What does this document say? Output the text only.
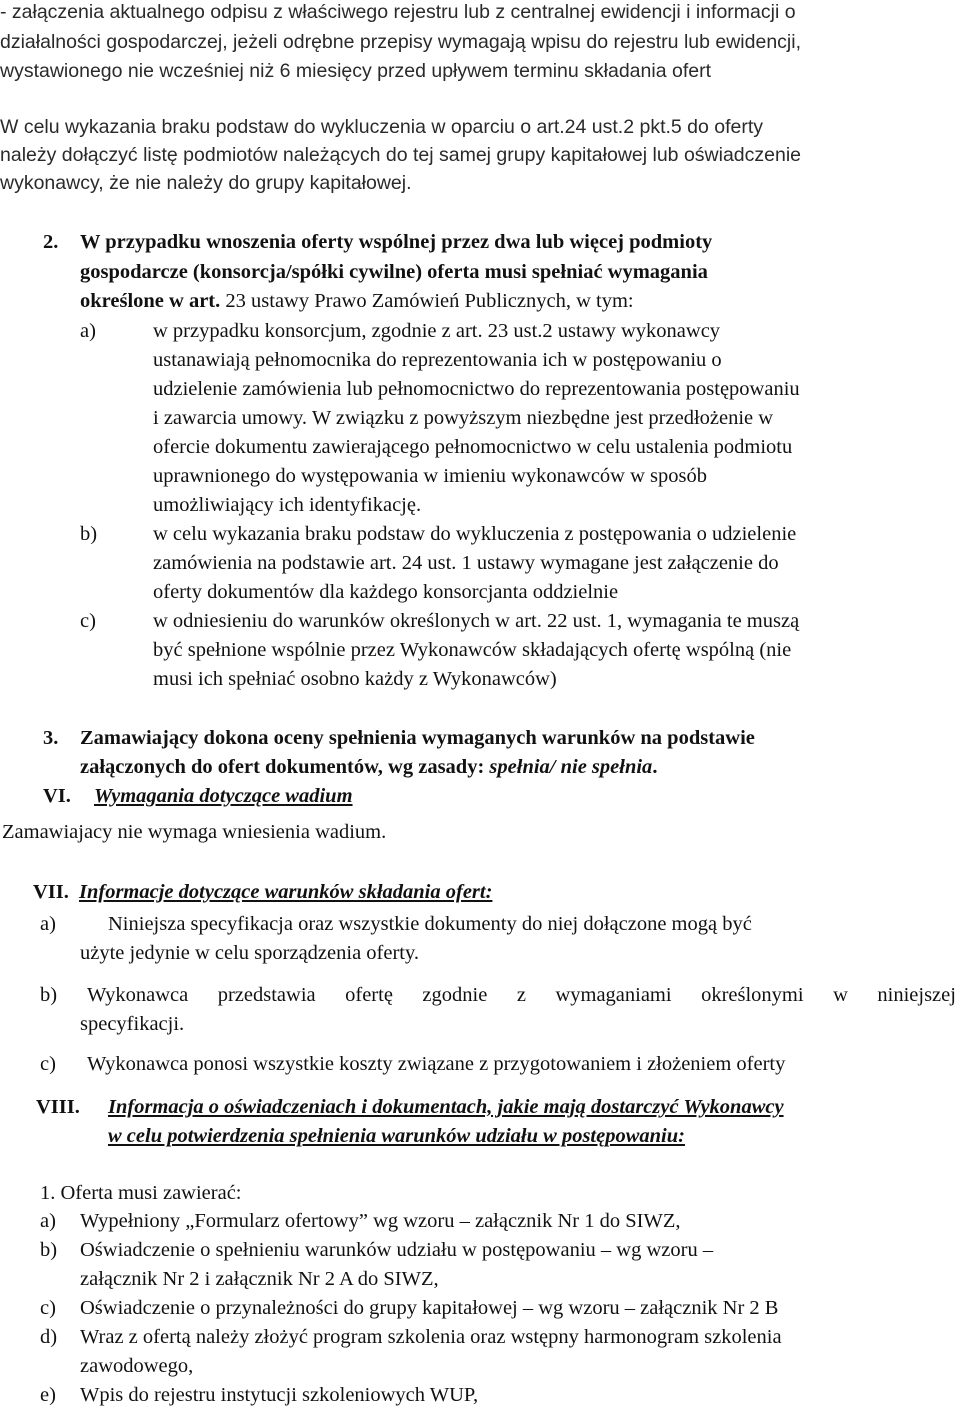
- załączenia aktualnego odpisu z właściwego rejestru lub z centralnej ewidencji i informacji o
działalności gospodarczej, jeżeli odrębne przepisy wymagają wpisu do rejestru lub ewidencji,
wystawionego nie wcześniej niż 6 miesięcy przed upływem terminu składania ofert
W celu wykazania braku podstaw do wykluczenia w oparciu o art.24 ust.2 pkt.5 do oferty
należy dołączyć listę podmiotów należących do tej samej grupy kapitałowej lub oświadczenie
wykonawcy, że nie należy do grupy kapitałowej.
2. W przypadku wnoszenia oferty wspólnej przez dwa lub więcej podmioty
gospodarcze (konsorcja/spółki cywilne) oferta musi spełniać wymagania
określone w art. 23 ustawy Prawo Zamówień Publicznych, w tym:
a)	w przypadku konsorcjum, zgodnie z art. 23 ust.2 ustawy wykonawcy
ustanawiają pełnomocnika do reprezentowania ich w postępowaniu o
udzielenie zamówienia lub pełnomocnictwo do reprezentowania postępowaniu
i zawarcia umowy. W związku z powyższym niezbędne jest przedłożenie w
ofercie dokumentu zawierającego pełnomocnictwo w celu ustalenia podmiotu
uprawnionego do występowania w imieniu wykonawców w sposób
umożliwiający ich identyfikację.
b)	w celu wykazania braku podstaw do wykluczenia z postępowania o udzielenie
zamówienia na podstawie art. 24 ust. 1 ustawy wymagane jest załączenie do
oferty dokumentów dla każdego konsorcjanta oddzielnie
c)	w odniesieniu do warunków określonych w art. 22 ust. 1, wymagania te muszą
być spełnione wspólnie przez Wykonawców składających ofertę wspólną (nie
musi ich spełniać osobno każdy z Wykonawców)
3. Zamawiający dokona oceny spełnienia wymaganych warunków na podstawie
załączonych do ofert dokumentów, wg zasady: spełnia/ nie spełnia.
VI. Wymagania dotyczące wadium
Zamawiajacy nie wymaga wniesienia wadium.
VII. Informacje dotyczące warunków składania ofert:
a)	Niniejsza specyfikacja oraz wszystkie dokumenty do niej dołączone mogą być
użyte jedynie w celu sporządzenia oferty.
b) Wykonawca przedstawia ofertę zgodnie z wymaganiami określonymi w niniejszej
specyfikacji.
c) Wykonawca ponosi wszystkie koszty związane z przygotowaniem i złożeniem oferty
VIII. Informacja o oświadczeniach i dokumentach, jakie mają dostarczyć Wykonawcy
w celu potwierdzenia spełnienia warunków udziału w postępowaniu:
1. Oferta musi zawierać:
a) Wypełniony „Formularz ofertowy” wg wzoru – załącznik Nr 1 do SIWZ,
b) Oświadczenie o spełnieniu warunków udziału w postępowaniu – wg wzoru –
załącznik Nr 2 i załącznik Nr 2 A do SIWZ,
c) Oświadczenie o przynależności do grupy kapitałowej – wg wzoru – załącznik Nr 2 B
d) Wraz z ofertą należy złożyć program szkolenia oraz wstępny harmonogram szkolenia
zawodowego,
e) Wpis do rejestru instytucji szkoleniowych WUP,
